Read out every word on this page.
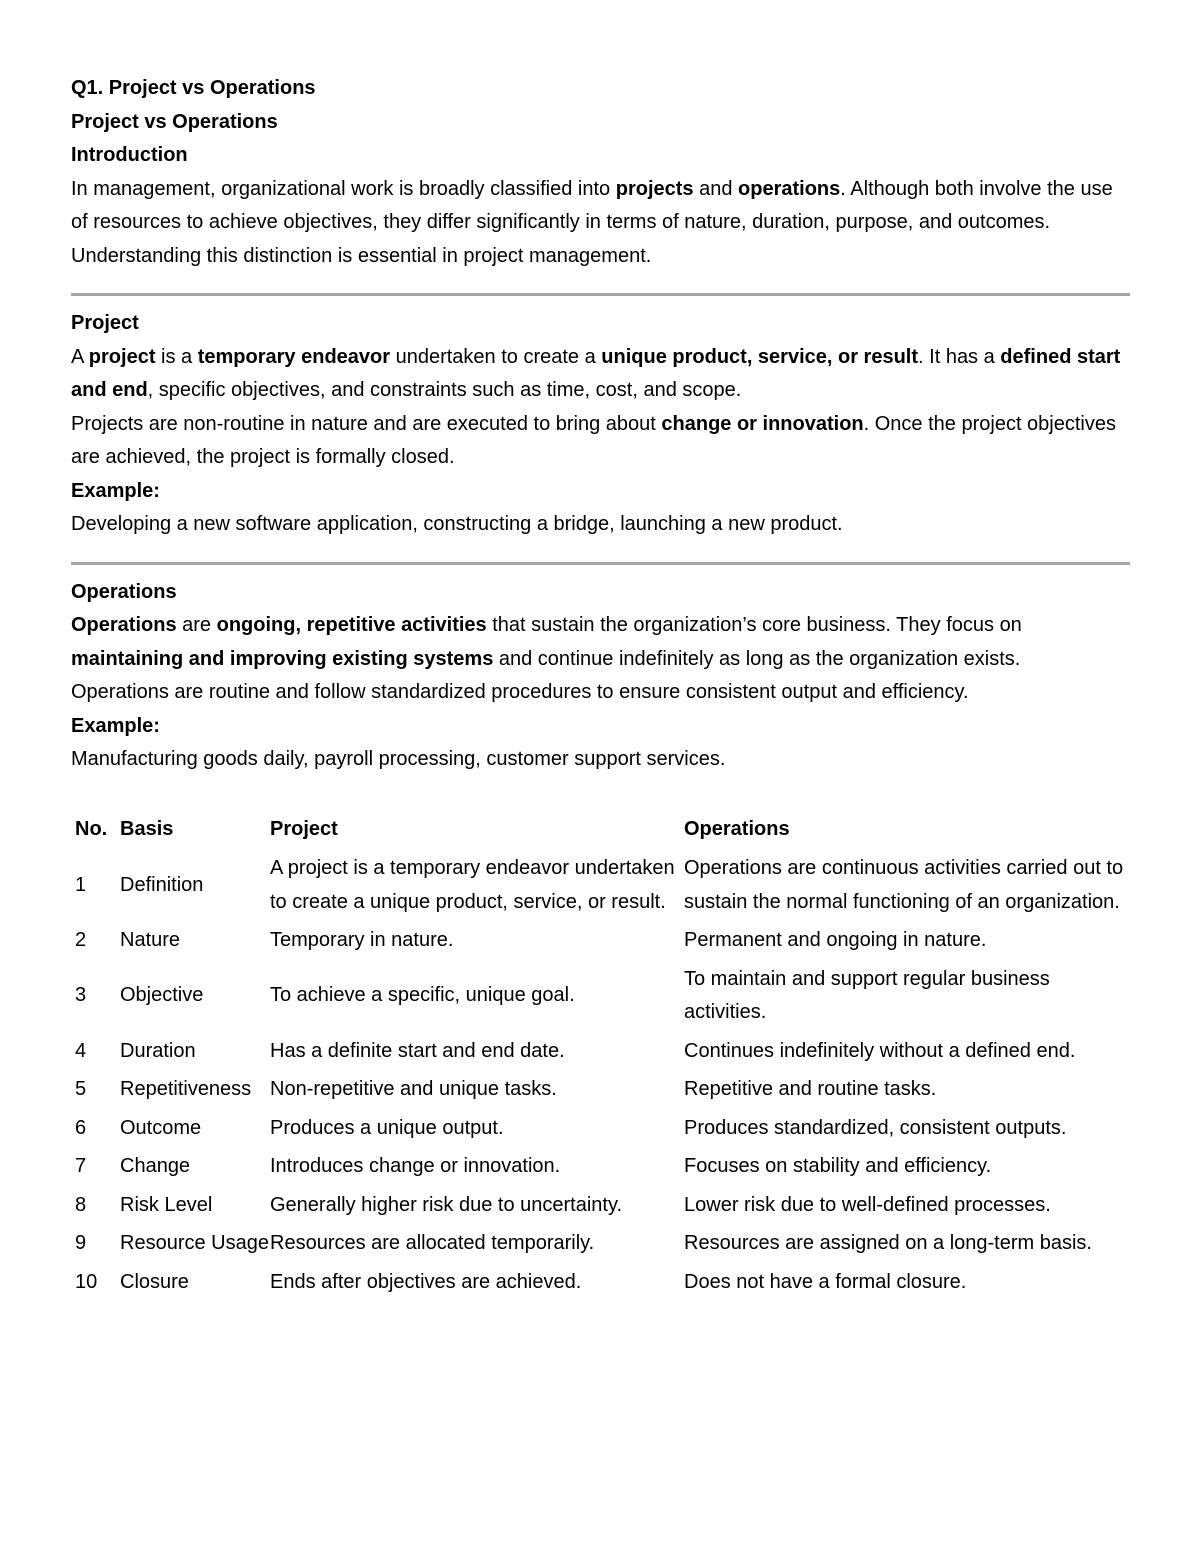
Q1. Project vs Operations

Project vs Operations

Introduction

In management, organizational work is broadly classified into projects and operations. Although both involve the use of resources to achieve objectives, they differ significantly in terms of nature, duration, purpose, and outcomes. Understanding this distinction is essential in project management.

Project

A project is a temporary endeavor undertaken to create a unique product, service, or result. It has a defined start and end, specific objectives, and constraints such as time, cost, and scope.

Projects are non-routine in nature and are executed to bring about change or innovation. Once the project objectives are achieved, the project is formally closed.

Example:

Developing a new software application, constructing a bridge, launching a new product.

Operations

Operations are ongoing, repetitive activities that sustain the organization’s core business. They focus on maintaining and improving existing systems and continue indefinitely as long as the organization exists.

Operations are routine and follow standardized procedures to ensure consistent output and efficiency.

Example:

Manufacturing goods daily, payroll processing, customer support services.

No.	Basis	Project	Operations
1	Definition	A project is a temporary endeavor undertaken to create a unique product, service, or result.	Operations are continuous activities carried out to sustain the normal functioning of an organization.
2	Nature	Temporary in nature.	Permanent and ongoing in nature.
3	Objective	To achieve a specific, unique goal.	To maintain and support regular business activities.
4	Duration	Has a definite start and end date.	Continues indefinitely without a defined end.
5	Repetitiveness	Non-repetitive and unique tasks.	Repetitive and routine tasks.
6	Outcome	Produces a unique output.	Produces standardized, consistent outputs.
7	Change	Introduces change or innovation.	Focuses on stability and efficiency.
8	Risk Level	Generally higher risk due to uncertainty.	Lower risk due to well-defined processes.
9	Resource Usage	Resources are allocated temporarily.	Resources are assigned on a long-term basis.
10	Closure	Ends after objectives are achieved.	Does not have a formal closure.
